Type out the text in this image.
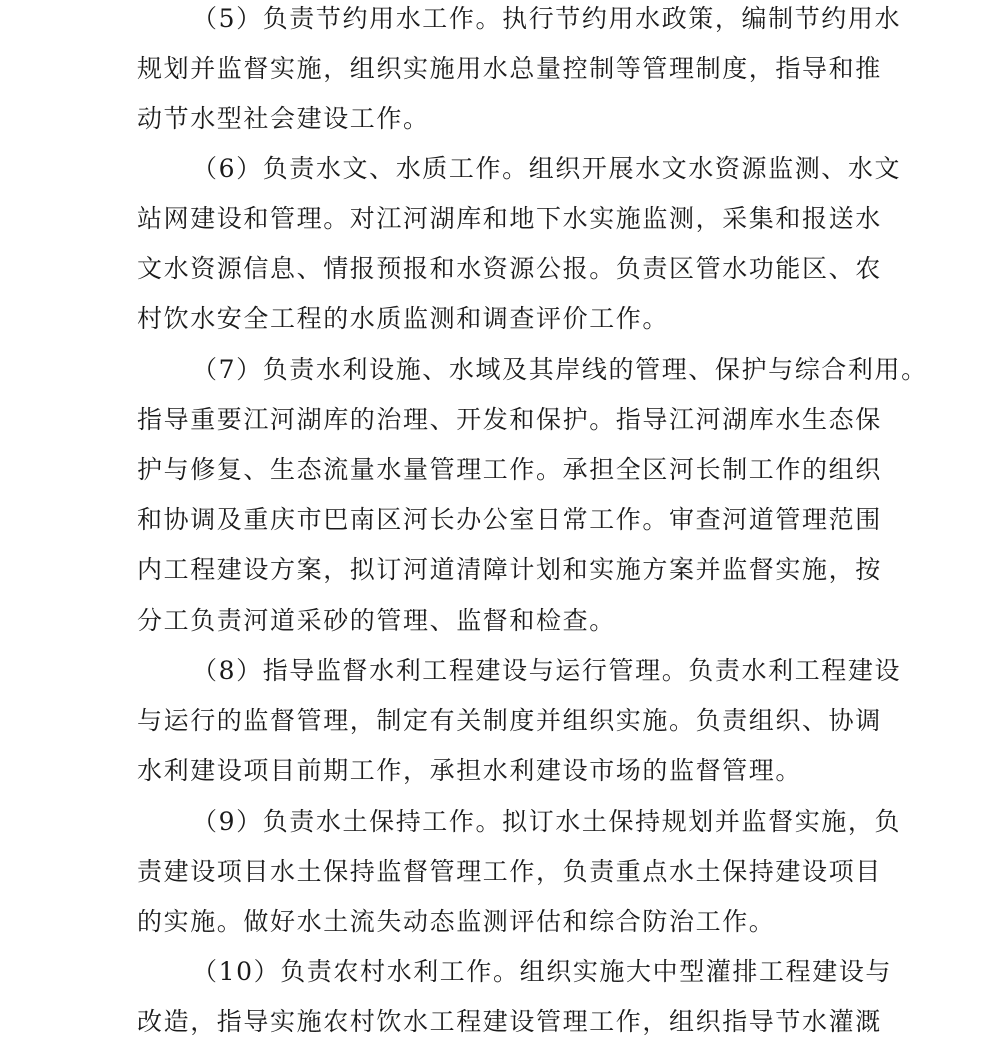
（5）负责节约用水工作。执行节约用水政策，编制节约用水
规划并监督实施，组织实施用水总量控制等管理制度，指导和推
动节水型社会建设工作。
（6）负责水文、水质工作。组织开展水文水资源监测、水文
站网建设和管理。对江河湖库和地下水实施监测，采集和报送水
文水资源信息、情报预报和水资源公报。负责区管水功能区、农
村饮水安全工程的水质监测和调查评价工作。
（7）负责水利设施、水域及其岸线的管理、保护与综合利用。
指导重要江河湖库的治理、开发和保护。指导江河湖库水生态保
护与修复、生态流量水量管理工作。承担全区河长制工作的组织
和协调及重庆市巴南区河长办公室日常工作。审查河道管理范围
内工程建设方案，拟订河道清障计划和实施方案并监督实施，按
分工负责河道采砂的管理、监督和检查。
（8）指导监督水利工程建设与运行管理。负责水利工程建设
与运行的监督管理，制定有关制度并组织实施。负责组织、协调
水利建设项目前期工作，承担水利建设市场的监督管理。
（9）负责水土保持工作。拟订水土保持规划并监督实施，负
责建设项目水土保持监督管理工作，负责重点水土保持建设项目
的实施。做好水土流失动态监测评估和综合防治工作。
（10）负责农村水利工作。组织实施大中型灌排工程建设与
改造，指导实施农村饮水工程建设管理工作，组织指导节水灌溉
